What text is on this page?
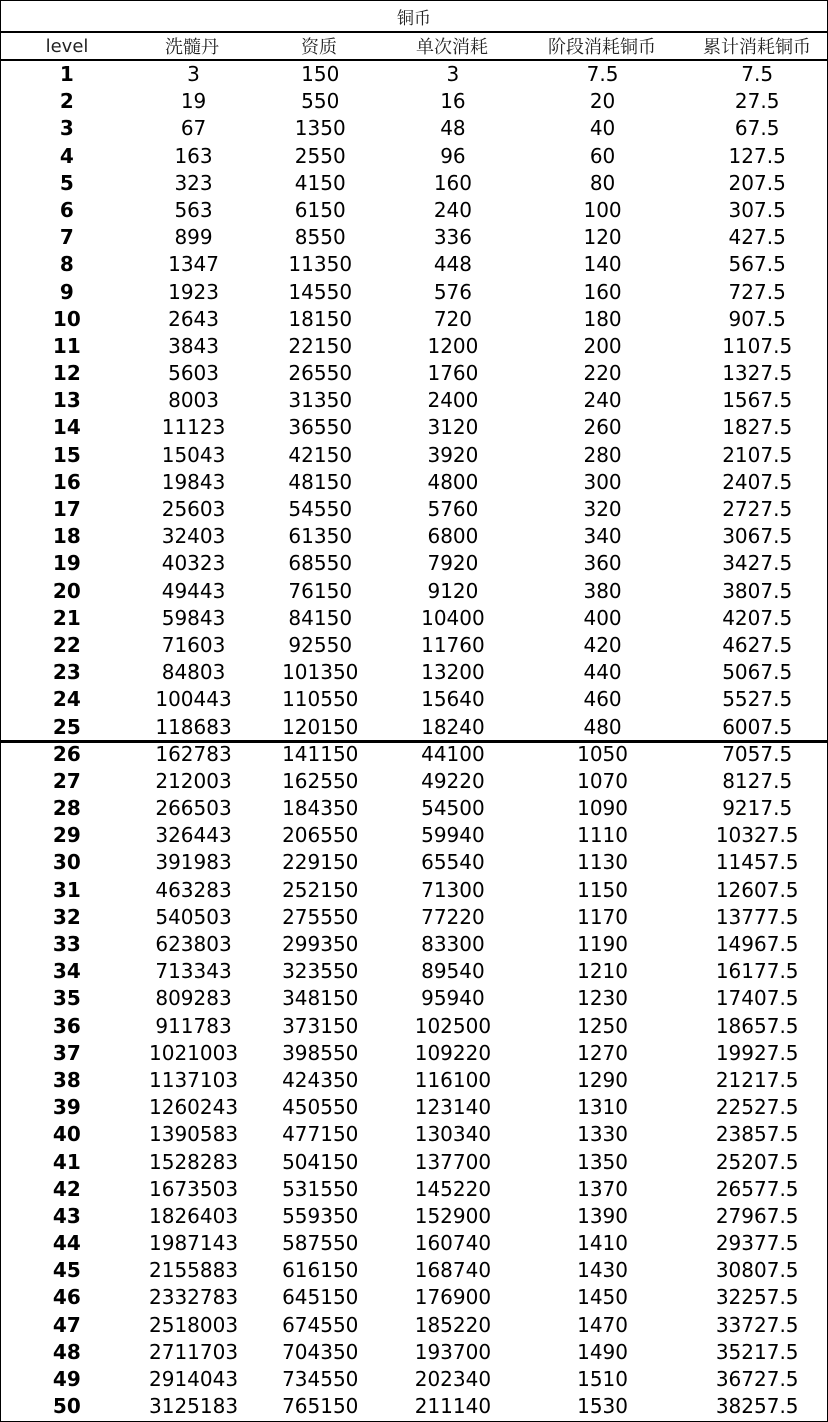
铜币
level	洗髓丹	资质	单次消耗	阶段消耗铜币	累计消耗铜币
1	3	150	3	7.5	7.5
2	19	550	16	20	27.5
3	67	1350	48	40	67.5
4	163	2550	96	60	127.5
5	323	4150	160	80	207.5
6	563	6150	240	100	307.5
7	899	8550	336	120	427.5
8	1347	11350	448	140	567.5
9	1923	14550	576	160	727.5
10	2643	18150	720	180	907.5
11	3843	22150	1200	200	1107.5
12	5603	26550	1760	220	1327.5
13	8003	31350	2400	240	1567.5
14	11123	36550	3120	260	1827.5
15	15043	42150	3920	280	2107.5
16	19843	48150	4800	300	2407.5
17	25603	54550	5760	320	2727.5
18	32403	61350	6800	340	3067.5
19	40323	68550	7920	360	3427.5
20	49443	76150	9120	380	3807.5
21	59843	84150	10400	400	4207.5
22	71603	92550	11760	420	4627.5
23	84803	101350	13200	440	5067.5
24	100443	110550	15640	460	5527.5
25	118683	120150	18240	480	6007.5
26	162783	141150	44100	1050	7057.5
27	212003	162550	49220	1070	8127.5
28	266503	184350	54500	1090	9217.5
29	326443	206550	59940	1110	10327.5
30	391983	229150	65540	1130	11457.5
31	463283	252150	71300	1150	12607.5
32	540503	275550	77220	1170	13777.5
33	623803	299350	83300	1190	14967.5
34	713343	323550	89540	1210	16177.5
35	809283	348150	95940	1230	17407.5
36	911783	373150	102500	1250	18657.5
37	1021003	398550	109220	1270	19927.5
38	1137103	424350	116100	1290	21217.5
39	1260243	450550	123140	1310	22527.5
40	1390583	477150	130340	1330	23857.5
41	1528283	504150	137700	1350	25207.5
42	1673503	531550	145220	1370	26577.5
43	1826403	559350	152900	1390	27967.5
44	1987143	587550	160740	1410	29377.5
45	2155883	616150	168740	1430	30807.5
46	2332783	645150	176900	1450	32257.5
47	2518003	674550	185220	1470	33727.5
48	2711703	704350	193700	1490	35217.5
49	2914043	734550	202340	1510	36727.5
50	3125183	765150	211140	1530	38257.5
